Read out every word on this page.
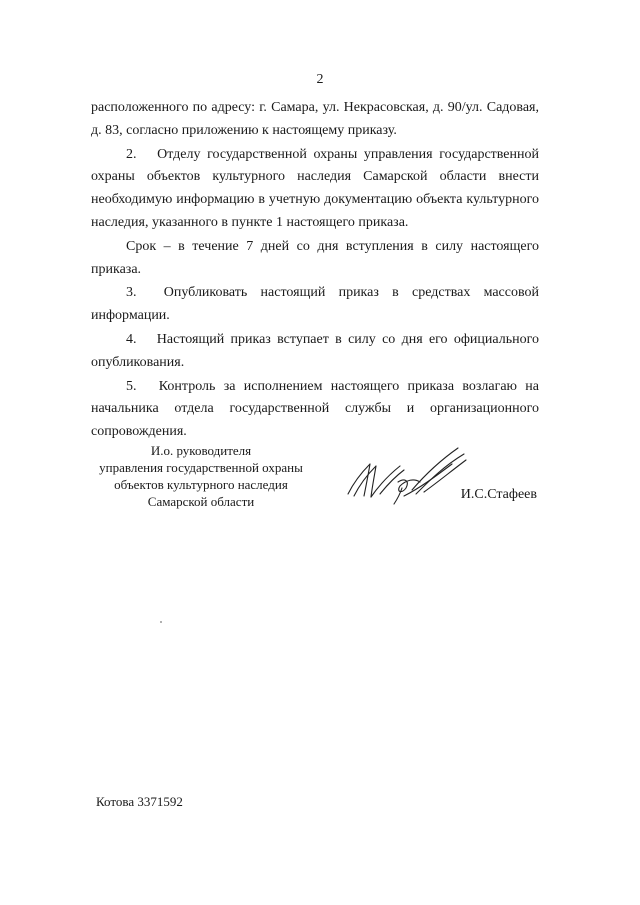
2
расположенного по адресу: г. Самара, ул. Некрасовская, д. 90/ул. Садовая, д. 83, согласно приложению к настоящему приказу.
2.  Отделу государственной охраны управления государственной охраны объектов культурного наследия Самарской области внести необходимую информацию в учетную документацию объекта культурного наследия, указанного в пункте 1 настоящего приказа.
Срок – в течение 7 дней со дня вступления в силу настоящего приказа.
3.  Опубликовать настоящий приказ в средствах массовой информации.
4.  Настоящий приказ вступает в силу со дня его официального опубликования.
5.  Контроль за исполнением настоящего приказа возлагаю на начальника отдела государственной службы и организационного сопровождения.
И.о. руководителя
управления государственной охраны
объектов культурного наследия
Самарской области	И.С.Стафеев
Котова 3371592
